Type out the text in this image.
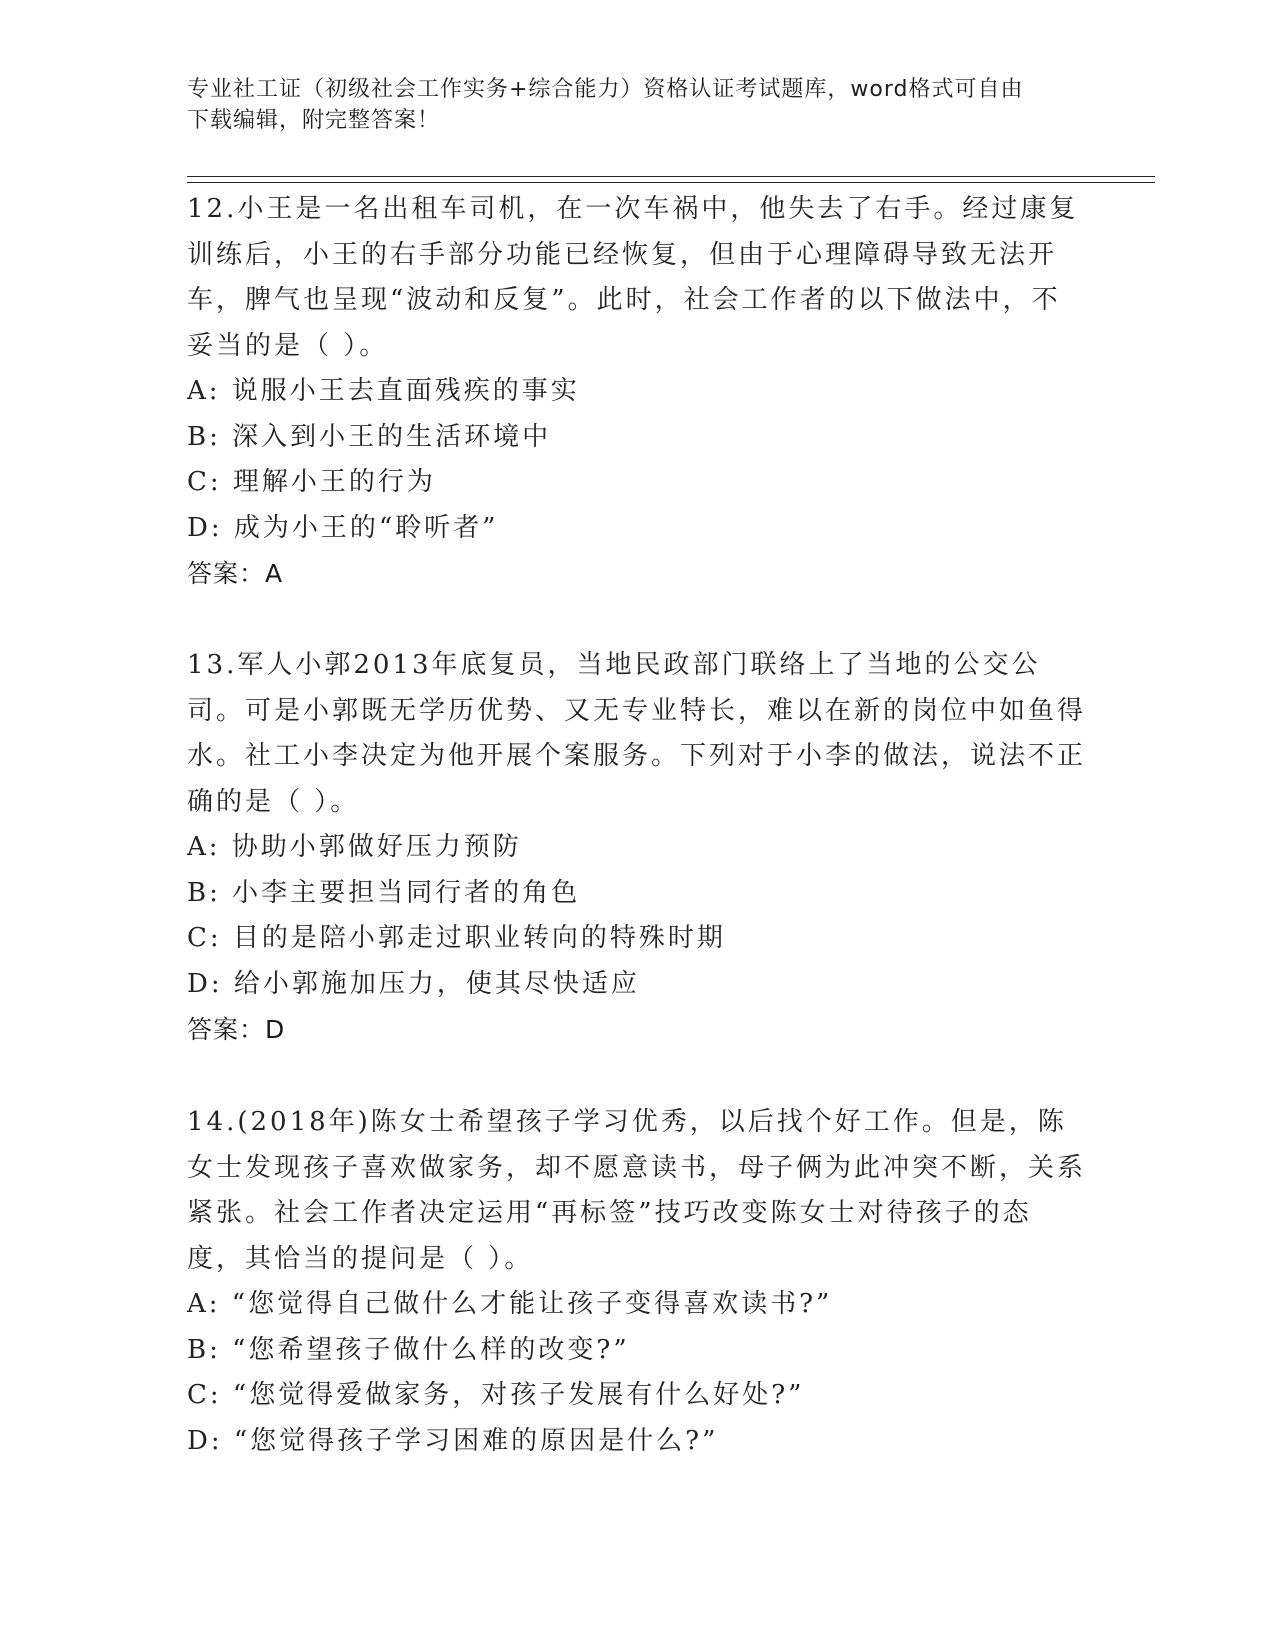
专业社工证（初级社会工作实务+综合能力）资格认证考试题库，word格式可自由
下载编辑，附完整答案！

12.小王是一名出租车司机，在一次车祸中，他失去了右手。经过康复训练后，小王的右手部分功能已经恢复，但由于心理障碍导致无法开车，脾气也呈现“波动和反复”。此时，社会工作者的以下做法中，不妥当的是（ ）。

A: 说服小王去直面残疾的事实

B: 深入到小王的生活环境中

C: 理解小王的行为

D: 成为小王的“聆听者”

答案：A

13.军人小郭2013年底复员，当地民政部门联络上了当地的公交公司。可是小郭既无学历优势、又无专业特长，难以在新的岗位中如鱼得水。社工小李决定为他开展个案服务。下列对于小李的做法，说法不正确的是（ ）。

A: 协助小郭做好压力预防

B: 小李主要担当同行者的角色

C: 目的是陪小郭走过职业转向的特殊时期

D: 给小郭施加压力，使其尽快适应

答案：D

14.(2018年)陈女士希望孩子学习优秀，以后找个好工作。但是，陈女士发现孩子喜欢做家务，却不愿意读书，母子俩为此冲突不断，关系紧张。社会工作者决定运用“再标签”技巧改变陈女士对待孩子的态度，其恰当的提问是（ ）。

A: “您觉得自己做什么才能让孩子变得喜欢读书?”

B: “您希望孩子做什么样的改变?”

C: “您觉得爱做家务，对孩子发展有什么好处?”

D: “您觉得孩子学习困难的原因是什么?”
